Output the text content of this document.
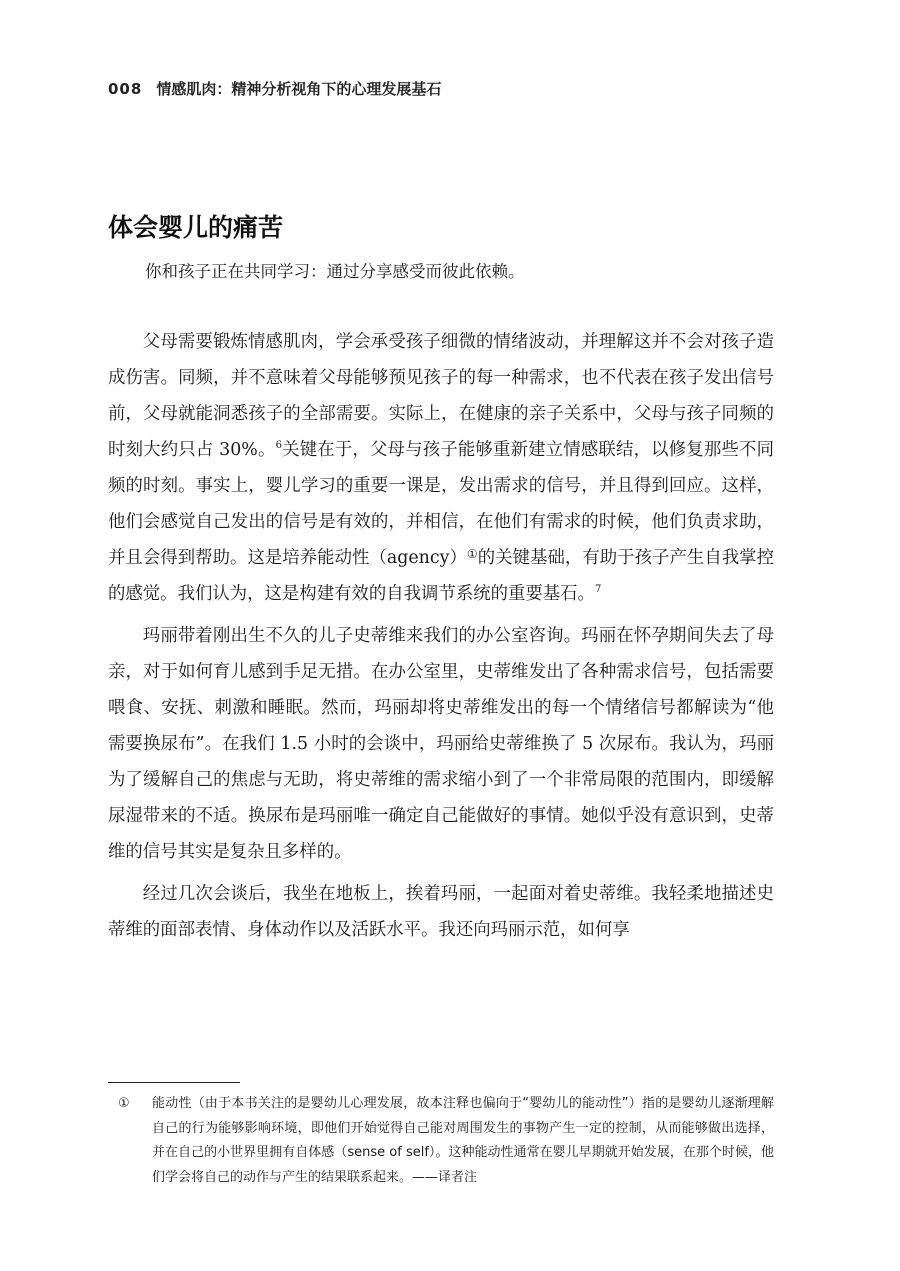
008 情感肌肉：精神分析视角下的心理发展基石
体会婴儿的痛苦

你和孩子正在共同学习：通过分享感受而彼此依赖。

父母需要锻炼情感肌肉，学会承受孩子细微的情绪波动，并理解这并不会对孩子造成伤害。同频，并不意味着父母能够预见孩子的每一种需求，也不代表在孩子发出信号前，父母就能洞悉孩子的全部需要。实际上，在健康的亲子关系中，父母与孩子同频的时刻大约只占 30%。$^6$关键在于，父母与孩子能够重新建立情感联结，以修复那些不同频的时刻。事实上，婴儿学习的重要一课是，发出需求的信号，并且得到回应。这样，他们会感觉自己发出的信号是有效的，并相信，在他们有需求的时候，他们负责求助，并且会得到帮助。这是培养能动性（agency）①的关键基础，有助于孩子产生自我掌控的感觉。我们认为，这是构建有效的自我调节系统的重要基石。$^7$

玛丽带着刚出生不久的儿子史蒂维来我们的办公室咨询。玛丽在怀孕期间失去了母亲，对于如何育儿感到手足无措。在办公室里，史蒂维发出了各种需求信号，包括需要喂食、安抚、刺激和睡眠。然而，玛丽却将史蒂维发出的每一个情绪信号都解读为“他需要换尿布”。在我们 1.5 小时的会谈中，玛丽给史蒂维换了 5 次尿布。我认为，玛丽为了缓解自己的焦虑与无助，将史蒂维的需求缩小到了一个非常局限的范围内，即缓解尿湿带来的不适。换尿布是玛丽唯一确定自己能做好的事情。她似乎没有意识到，史蒂维的信号其实是复杂且多样的。

经过几次会谈后，我坐在地板上，挨着玛丽，一起面对着史蒂维。我轻柔地描述史蒂维的面部表情、身体动作以及活跃水平。我还向玛丽示范，如何享

①	能动性（由于本书关注的是婴幼儿心理发展，故本注释也偏向于“婴幼儿的能动性”）指的是婴幼儿逐渐理解自己的行为能够影响环境，即他们开始觉得自己能对周围发生的事物产生一定的控制，从而能够做出选择，并在自己的小世界里拥有自体感（sense of self）。这种能动性通常在婴儿早期就开始发展，在那个时候，他们学会将自己的动作与产生的结果联系起来。——译者注
